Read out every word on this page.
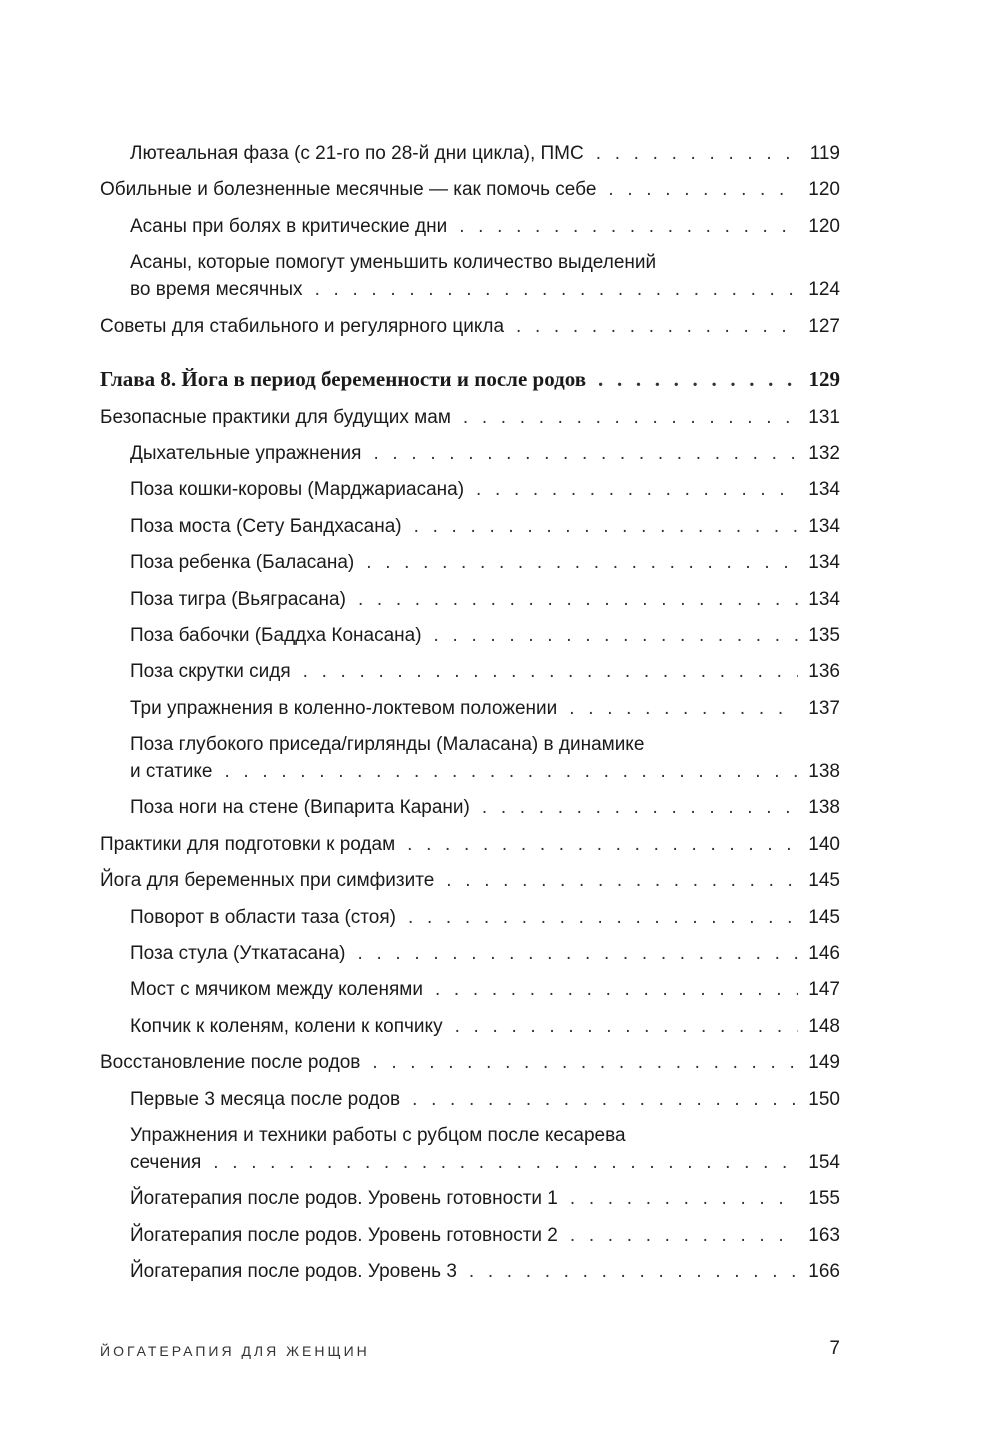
Лютеальная фаза (с 21-го по 28-й дни цикла), ПМС . . .	119
Обильные и болезненные месячные — как помочь себе . . .	120
Асаны при болях в критические дни . . .	120
Асаны, которые помогут уменьшить количество выделений
во время месячных . . .	124
Советы для стабильного и регулярного цикла . . .	127
Глава 8. Йога в период беременности и после родов . . .	129
Безопасные практики для будущих мам . . .	131
Дыхательные упражнения . . .	132
Поза кошки-коровы (Марджариасана) . . .	134
Поза моста (Сету Бандхасана) . . .	134
Поза ребенка (Баласана) . . .	134
Поза тигра (Вьяграсана) . . .	134
Поза бабочки (Баддха Конасана) . . .	135
Поза скрутки сидя . . .	136
Три упражнения в коленно-локтевом положении . . .	137
Поза глубокого приседа/гирлянды (Маласана) в динамике
и статике . . .	138
Поза ноги на стене (Випарита Карани) . . .	138
Практики для подготовки к родам . . .	140
Йога для беременных при симфизите . . .	145
Поворот в области таза (стоя) . . .	145
Поза стула (Уткатасана) . . .	146
Мост с мячиком между коленями . . .	147
Копчик к коленям, колени к копчику . . .	148
Восстановление после родов . . .	149
Первые 3 месяца после родов . . .	150
Упражнения и техники работы с рубцом после кесарева
сечения . . .	154
Йогатерапия после родов. Уровень готовности 1 . . .	155
Йогатерапия после родов. Уровень готовности 2 . . .	163
Йогатерапия после родов. Уровень 3 . . .	166
ЙОГАТЕРАПИЯ ДЛЯ ЖЕНЩИН	7
